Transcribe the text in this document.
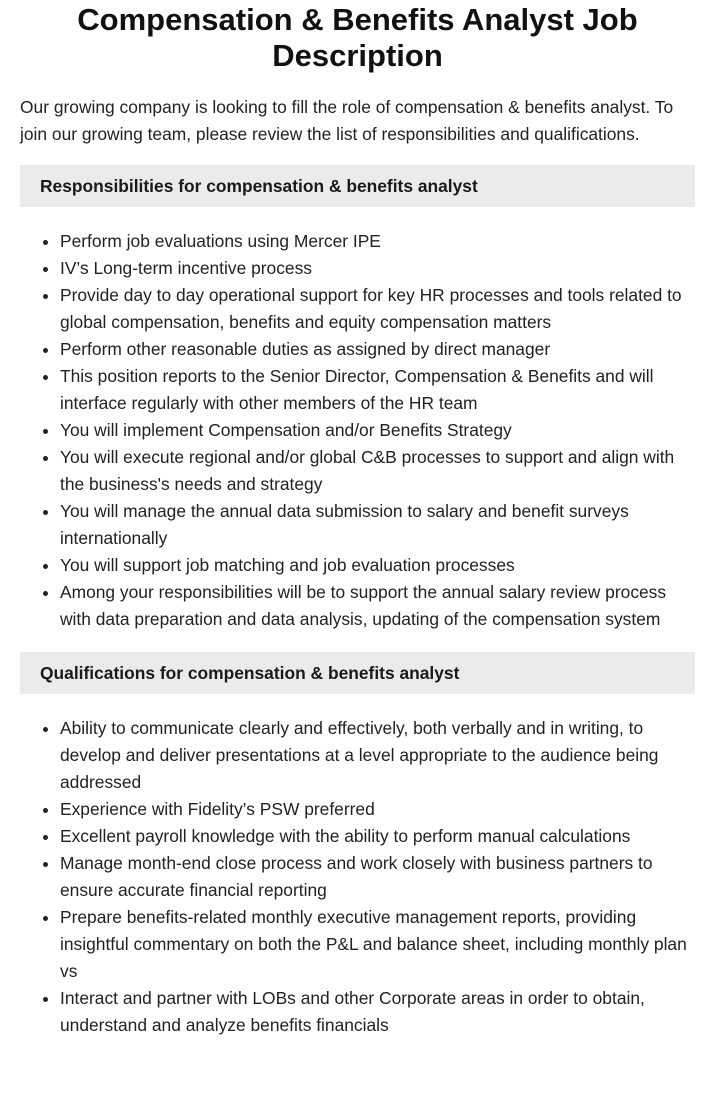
Compensation & Benefits Analyst Job Description

Our growing company is looking to fill the role of compensation & benefits analyst. To join our growing team, please review the list of responsibilities and qualifications.

Responsibilities for compensation & benefits analyst
• Perform job evaluations using Mercer IPE
• IV’s Long-term incentive process
• Provide day to day operational support for key HR processes and tools related to global compensation, benefits and equity compensation matters
• Perform other reasonable duties as assigned by direct manager
• This position reports to the Senior Director, Compensation & Benefits and will interface regularly with other members of the HR team
• You will implement Compensation and/or Benefits Strategy
• You will execute regional and/or global C&B processes to support and align with the business's needs and strategy
• You will manage the annual data submission to salary and benefit surveys internationally
• You will support job matching and job evaluation processes
• Among your responsibilities will be to support the annual salary review process with data preparation and data analysis, updating of the compensation system
Qualifications for compensation & benefits analyst
• Ability to communicate clearly and effectively, both verbally and in writing, to develop and deliver presentations at a level appropriate to the audience being addressed
• Experience with Fidelity’s PSW preferred
• Excellent payroll knowledge with the ability to perform manual calculations
• Manage month-end close process and work closely with business partners to ensure accurate financial reporting
• Prepare benefits-related monthly executive management reports, providing insightful commentary on both the P&L and balance sheet, including monthly plan vs
• Interact and partner with LOBs and other Corporate areas in order to obtain, understand and analyze benefits financials
